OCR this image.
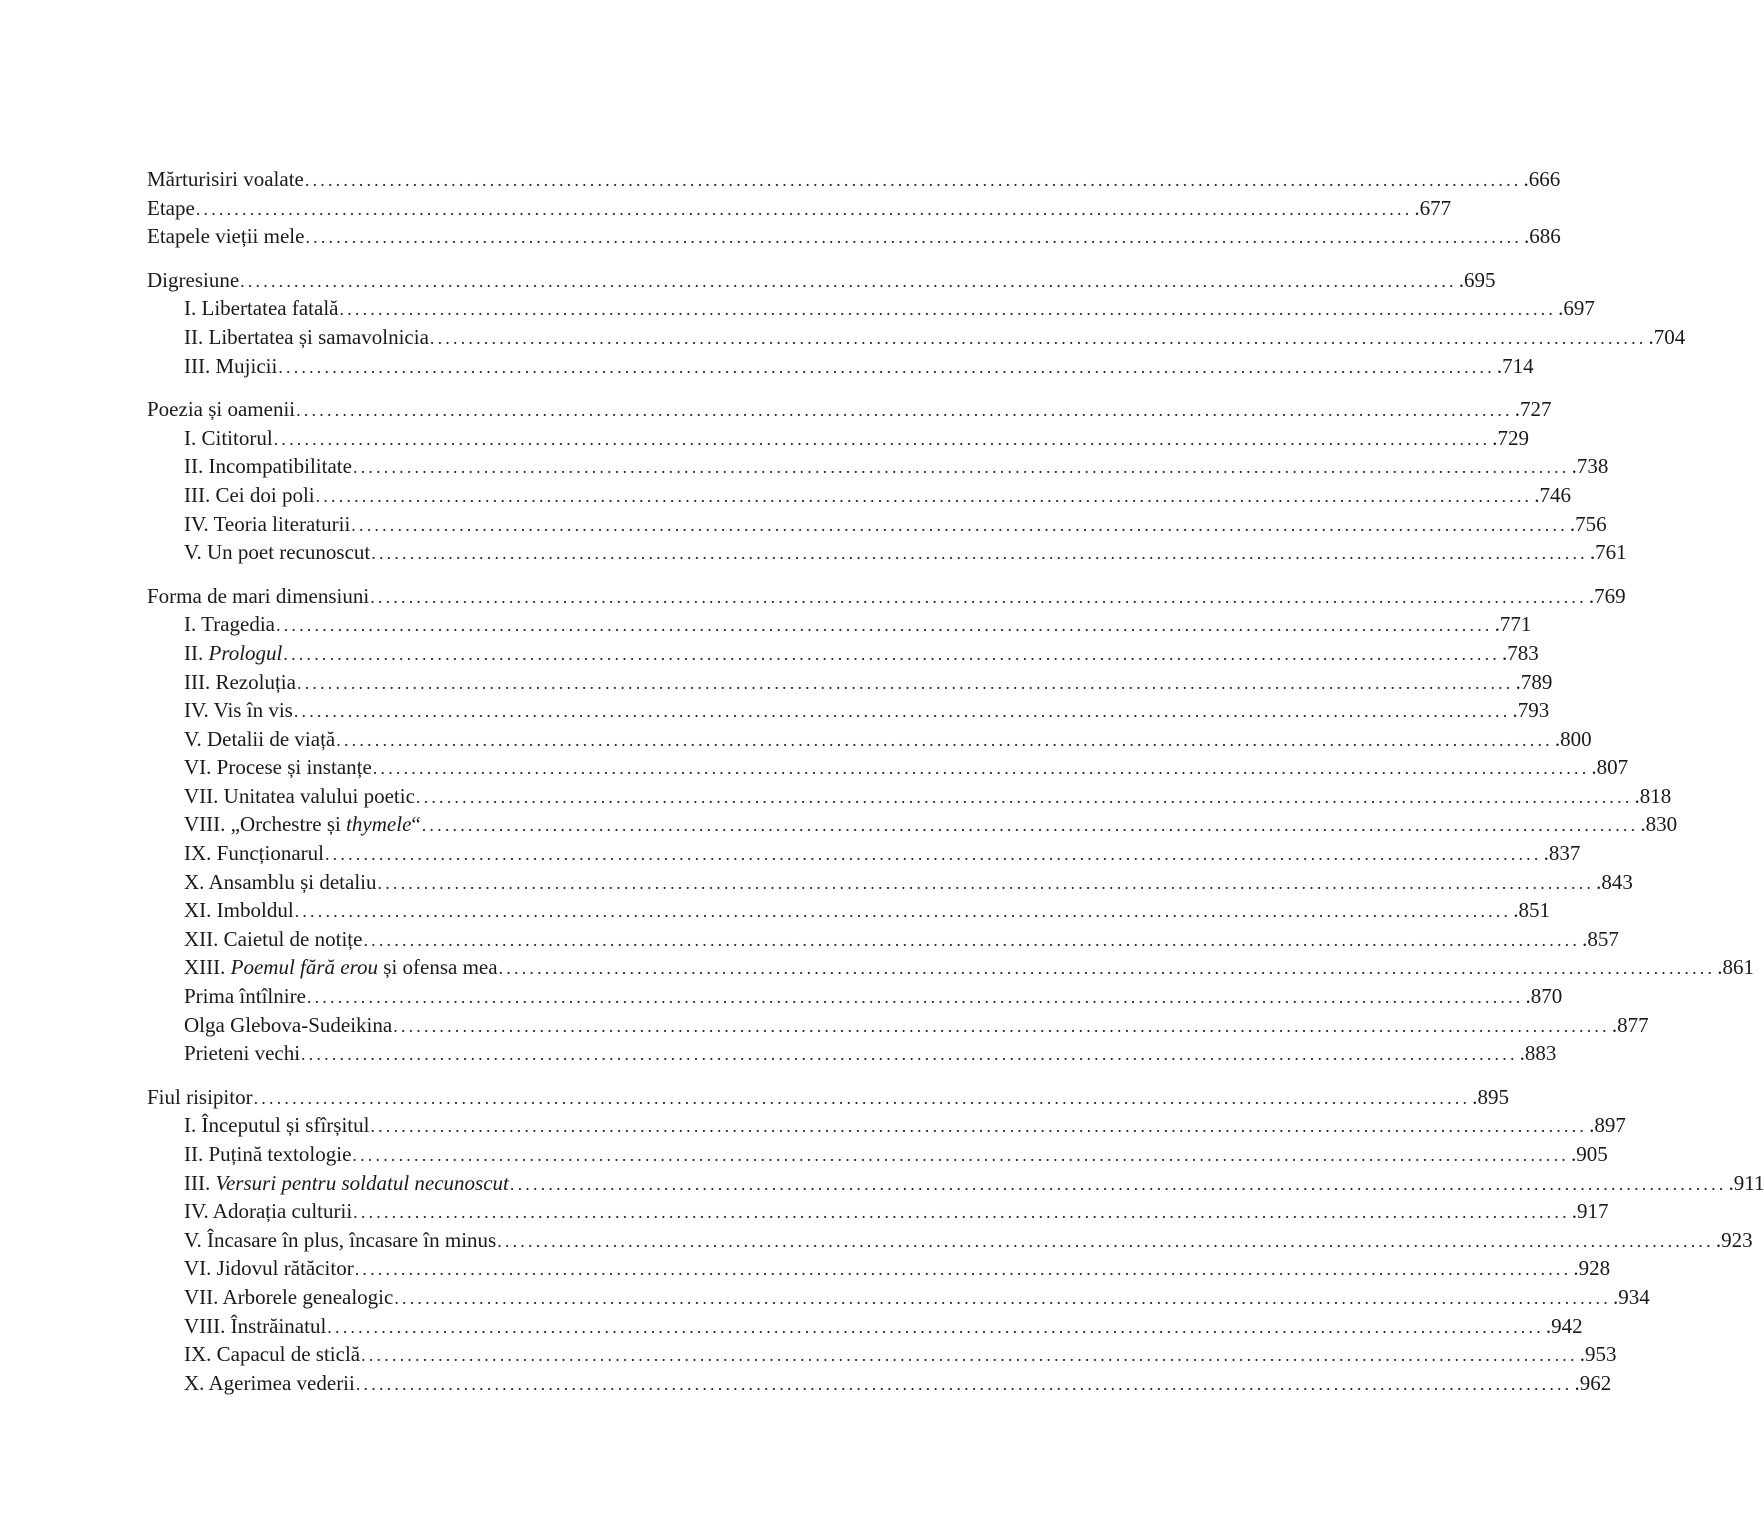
Mărturisiri voalate .............................................................................................................................................................. .666
Etape .............................................................................................................................................................. .677
Etapele vieții mele .............................................................................................................................................................. .686
Digresiune .............................................................................................................................................................. .695
I. Libertatea fatală .............................................................................................................................................................. .697
II. Libertatea și samavolnicia .............................................................................................................................................................. .704
III. Mujicii .............................................................................................................................................................. .714
Poezia și oamenii .............................................................................................................................................................. .727
I. Cititorul .............................................................................................................................................................. .729
II. Incompatibilitate .............................................................................................................................................................. .738
III. Cei doi poli .............................................................................................................................................................. .746
IV. Teoria literaturii .............................................................................................................................................................. .756
V. Un poet recunoscut .............................................................................................................................................................. .761
Forma de mari dimensiuni .............................................................................................................................................................. .769
I. Tragedia .............................................................................................................................................................. .771
II. Prologul .............................................................................................................................................................. .783
III. Rezoluția .............................................................................................................................................................. .789
IV. Vis în vis .............................................................................................................................................................. .793
V. Detalii de viață .............................................................................................................................................................. .800
VI. Procese și instanțe .............................................................................................................................................................. .807
VII. Unitatea valului poetic .............................................................................................................................................................. .818
VIII. „Orchestre și thymele“ .............................................................................................................................................................. .830
IX. Funcționarul .............................................................................................................................................................. .837
X. Ansamblu și detaliu .............................................................................................................................................................. .843
XI. Imboldul .............................................................................................................................................................. .851
XII. Caietul de notițe .............................................................................................................................................................. .857
XIII. Poemul fără erou și ofensa mea .............................................................................................................................................................. .861
Prima întîlnire .............................................................................................................................................................. .870
Olga Glebova-Sudeikina .............................................................................................................................................................. .877
Prieteni vechi .............................................................................................................................................................. .883
Fiul risipitor .............................................................................................................................................................. .895
I. Începutul și sfîrșitul .............................................................................................................................................................. .897
II. Puțină textologie .............................................................................................................................................................. .905
III. Versuri pentru soldatul necunoscut .............................................................................................................................................................. .911
IV. Adorația culturii .............................................................................................................................................................. .917
V. Încasare în plus, încasare în minus .............................................................................................................................................................. .923
VI. Jidovul rătăcitor .............................................................................................................................................................. .928
VII. Arborele genealogic .............................................................................................................................................................. .934
VIII. Înstrăinatul .............................................................................................................................................................. .942
IX. Capacul de sticlă .............................................................................................................................................................. .953
X. Agerimea vederii .............................................................................................................................................................. .962
